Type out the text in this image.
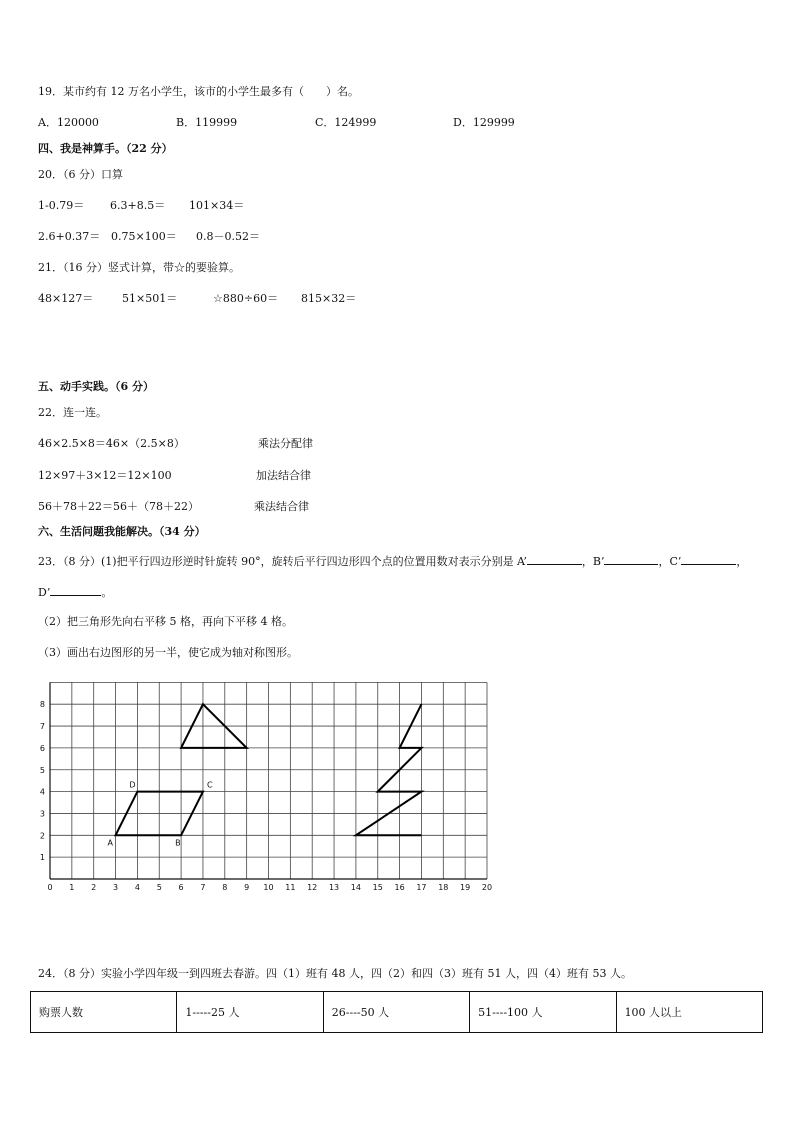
19．某市约有 12 万名小学生，该市的小学生最多有（　　）名。
A．120000	B．119999	C．124999	D．129999
四、我是神算手。（22 分）
20．（6 分）口算
1-0.79＝ 6.3+8.5＝ 101×34＝
2.6+0.37＝ 0.75×100＝ 0.8－0.52＝
21．（16 分）竖式计算，带☆的要验算。
48×127＝	51×501＝	☆880÷60＝ 815×32＝
五、动手实践。（6 分）
22．连一连。
46×2.5×8＝46×（2.5×8）	乘法分配律
12×97＋3×12＝12×100	加法结合律
56＋78＋22＝56＋（78＋22）	乘法结合律
六、生活问题我能解决。（34 分）
23．（8 分）(1)把平行四边形逆时针旋转 90°，旋转后平行四边形四个点的位置用数对表示分别是 A’	，B’	，C’	，
D’	。
（2）把三角形先向右平移 5 格，再向下平移 4 格。
（3）画出右边图形的另一半，使它成为轴对称图形。
0 1 2 3 4 5 6 7 8 9 10 11 12 13 14 15 16 17 18 19 20
1
2
3
4
5
6
7
8
A	B
C
D
24．（8 分）实验小学四年级一到四班去春游。四（1）班有 48 人，四（2）和四（3）班有 51 人，四（4）班有 53 人。
购票人数	1-----25 人	26----50 人	51----100 人	100 人以上
